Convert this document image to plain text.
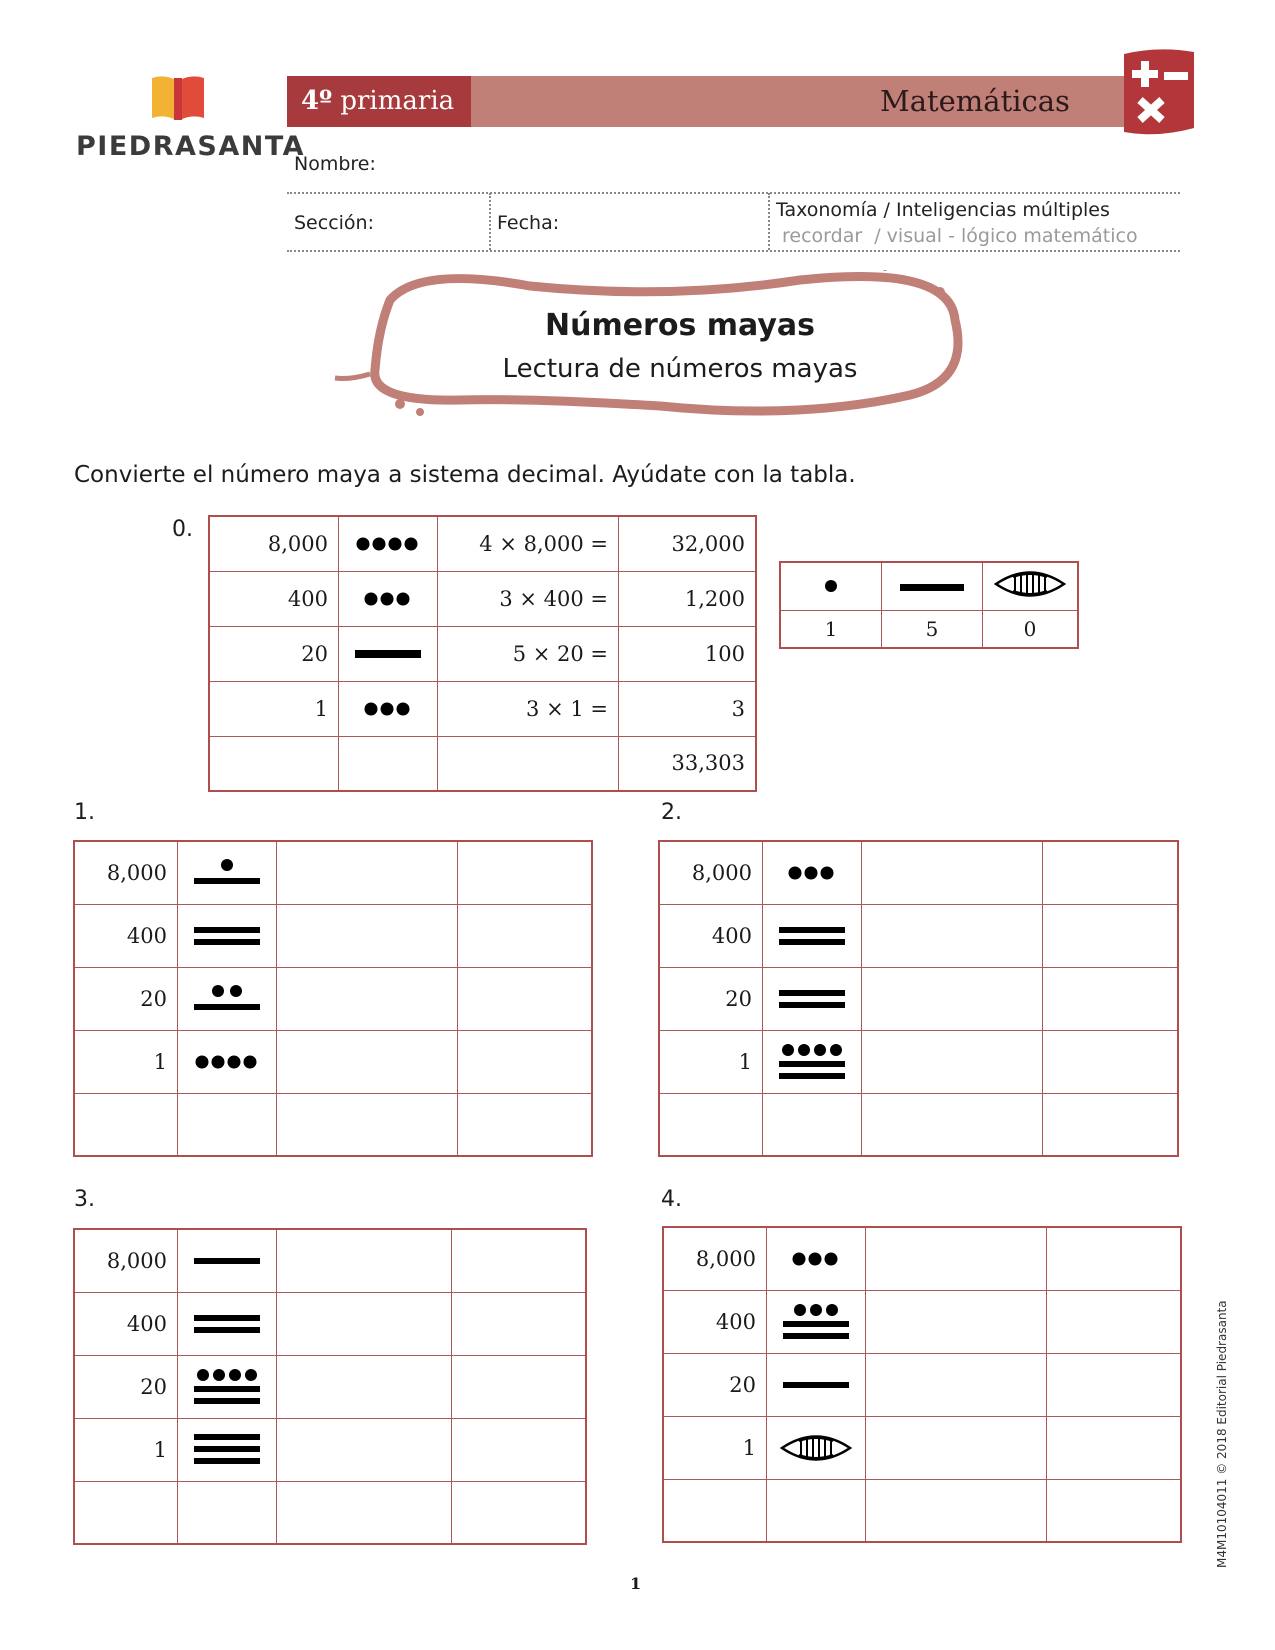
PIEDRASANTA
4º primaria	Matemáticas
Nombre:
Sección:	Fecha:
Taxonomía / Inteligencias múltiples
recordar  / visual - lógico matemático
Números mayas
Lectura de números mayas
Convierte el número maya a sistema decimal. Ayúdate con la tabla.
0.
8,000		4 × 8,000 =	32,000
400		3 × 400 =	1,200
20		5 × 20 =	100
1		3 × 1 =	3
			33,303

1	5	0
1.
8,000	

400	

20	

1	

2.
8,000	

400	

20	

1	

3.
8,000	

400	

20	

1	

4.
8,000	

400	

20	

1	

				M4M10104011 © 2018 Editorial Piedrasanta
1
